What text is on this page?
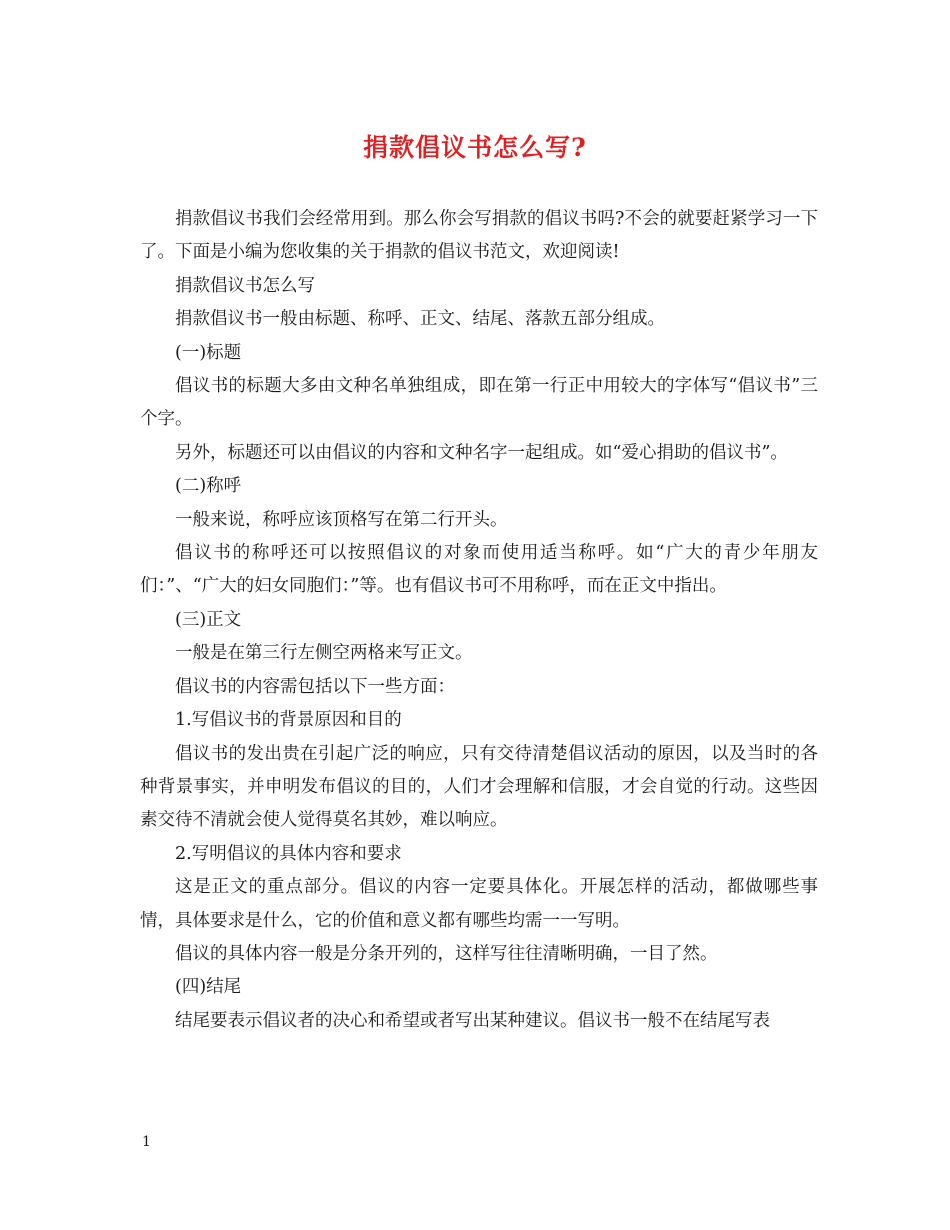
捐款倡议书怎么写?

捐款倡议书我们会经常用到。那么你会写捐款的倡议书吗?不会的就要赶紧学习一下了。下面是小编为您收集的关于捐款的倡议书范文，欢迎阅读!

捐款倡议书怎么写

捐款倡议书一般由标题、称呼、正文、结尾、落款五部分组成。

(一)标题

倡议书的标题大多由文种名单独组成，即在第一行正中用较大的字体写“倡议书”三个字。

另外，标题还可以由倡议的内容和文种名字一起组成。如“爱心捐助的倡议书”。

(二)称呼

一般来说，称呼应该顶格写在第二行开头。

倡议书的称呼还可以按照倡议的对象而使用适当称呼。如“广大的青少年朋友们：”、“广大的妇女同胞们：”等。也有倡议书可不用称呼，而在正文中指出。

(三)正文

一般是在第三行左侧空两格来写正文。

倡议书的内容需包括以下一些方面：

1.写倡议书的背景原因和目的

倡议书的发出贵在引起广泛的响应，只有交待清楚倡议活动的原因，以及当时的各种背景事实，并申明发布倡议的目的，人们才会理解和信服，才会自觉的行动。这些因素交待不清就会使人觉得莫名其妙，难以响应。

2.写明倡议的具体内容和要求

这是正文的重点部分。倡议的内容一定要具体化。开展怎样的活动，都做哪些事情，具体要求是什么，它的价值和意义都有哪些均需一一写明。

倡议的具体内容一般是分条开列的，这样写往往清晰明确，一目了然。

(四)结尾

结尾要表示倡议者的决心和希望或者写出某种建议。倡议书一般不在结尾写表

1
